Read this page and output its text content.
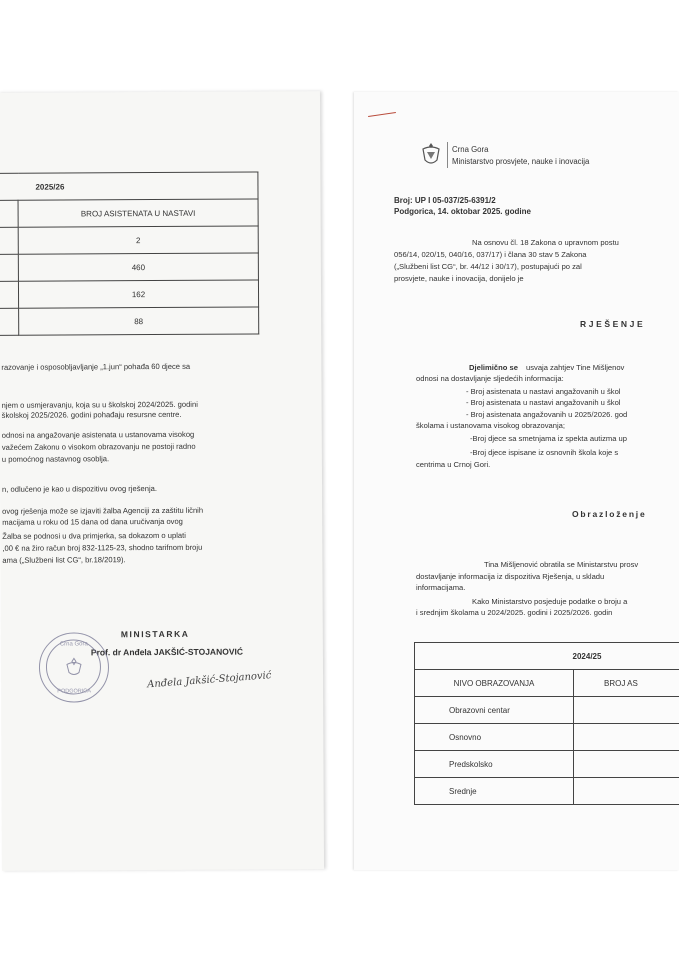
2025/26	
	BROJ ASISTENATA U NASTAVI
	2
	460
	162
	88
razovanje i osposobljavljanje „1.jun“ pohađa 60 djece sa
njem o usmjeravanju, koja su u školskoj 2024/2025. godini
školskoj 2025/2026. godini pohađaju resursne centre.
odnosi na angažovanje asistenata u ustanovama visokog
važećem Zakonu o visokom obrazovanju ne postoji radno
u pomoćnog nastavnog osoblja.
n, odlučeno je kao u dispozitivu ovog rješenja.
ovog rješenja može se izjaviti žalba Agenciji za zaštitu ličnih
macijama u roku od 15 dana od dana uručivanja ovog
Žalba se podnosi u dva primjerka, sa dokazom o uplati
,00 € na žiro račun broj 832-1125-23, shodno tarifnom broju
ama („Službeni list CG“, br.18/2019).
MINISTARKA
Prof. dr Anđela JAKŠIĆ-STOJANOVIĆ
Crna Gora
PODGORICA
Anđela Jakšić-Stojanović
Crna Gora
Ministarstvo prosvjete, nauke i inovacija
Broj: UP I 05-037/25-6391/2
Podgorica, 14. oktobar 2025. godine
Na osnovu čl. 18 Zakona o upravnom postu
056/14, 020/15, 040/16, 037/17) i člana 30 stav 5 Zakona
(„Službeni list CG“, br. 44/12 i 30/17), postupajući po zal
prosvjete, nauke i inovacija, donijelo je
RJEŠENJE
Djelimično se usvaja zahtjev Tine Mišljenov
odnosi na dostavljanje sljedećih informacija:
- Broj asistenata u nastavi angažovanih u škol
- Broj asistenata u nastavi angažovanih u škol
- Broj asistenata angažovanih u 2025/2026. god
školama i ustanovama visokog obrazovanja;
-Broj djece sa smetnjama iz spekta autizma up
-Broj djece ispisane iz osnovnih škola koje s
centrima u Crnoj Gori.
Obrazloženje
Tina Mišljenović obratila se Ministarstvu prosv
dostavljanje informacija iz dispozitiva Rješenja, u skladu
informacijama.
Kako Ministarstvo posjeduje podatke o broju a
i srednjim školama u 2024/2025. godini i 2025/2026. godin
2024/25	
NIVO OBRAZOVANJA	BROJ AS
Obrazovni centar	
Osnovno	
Predskolsko	
Srednje	
